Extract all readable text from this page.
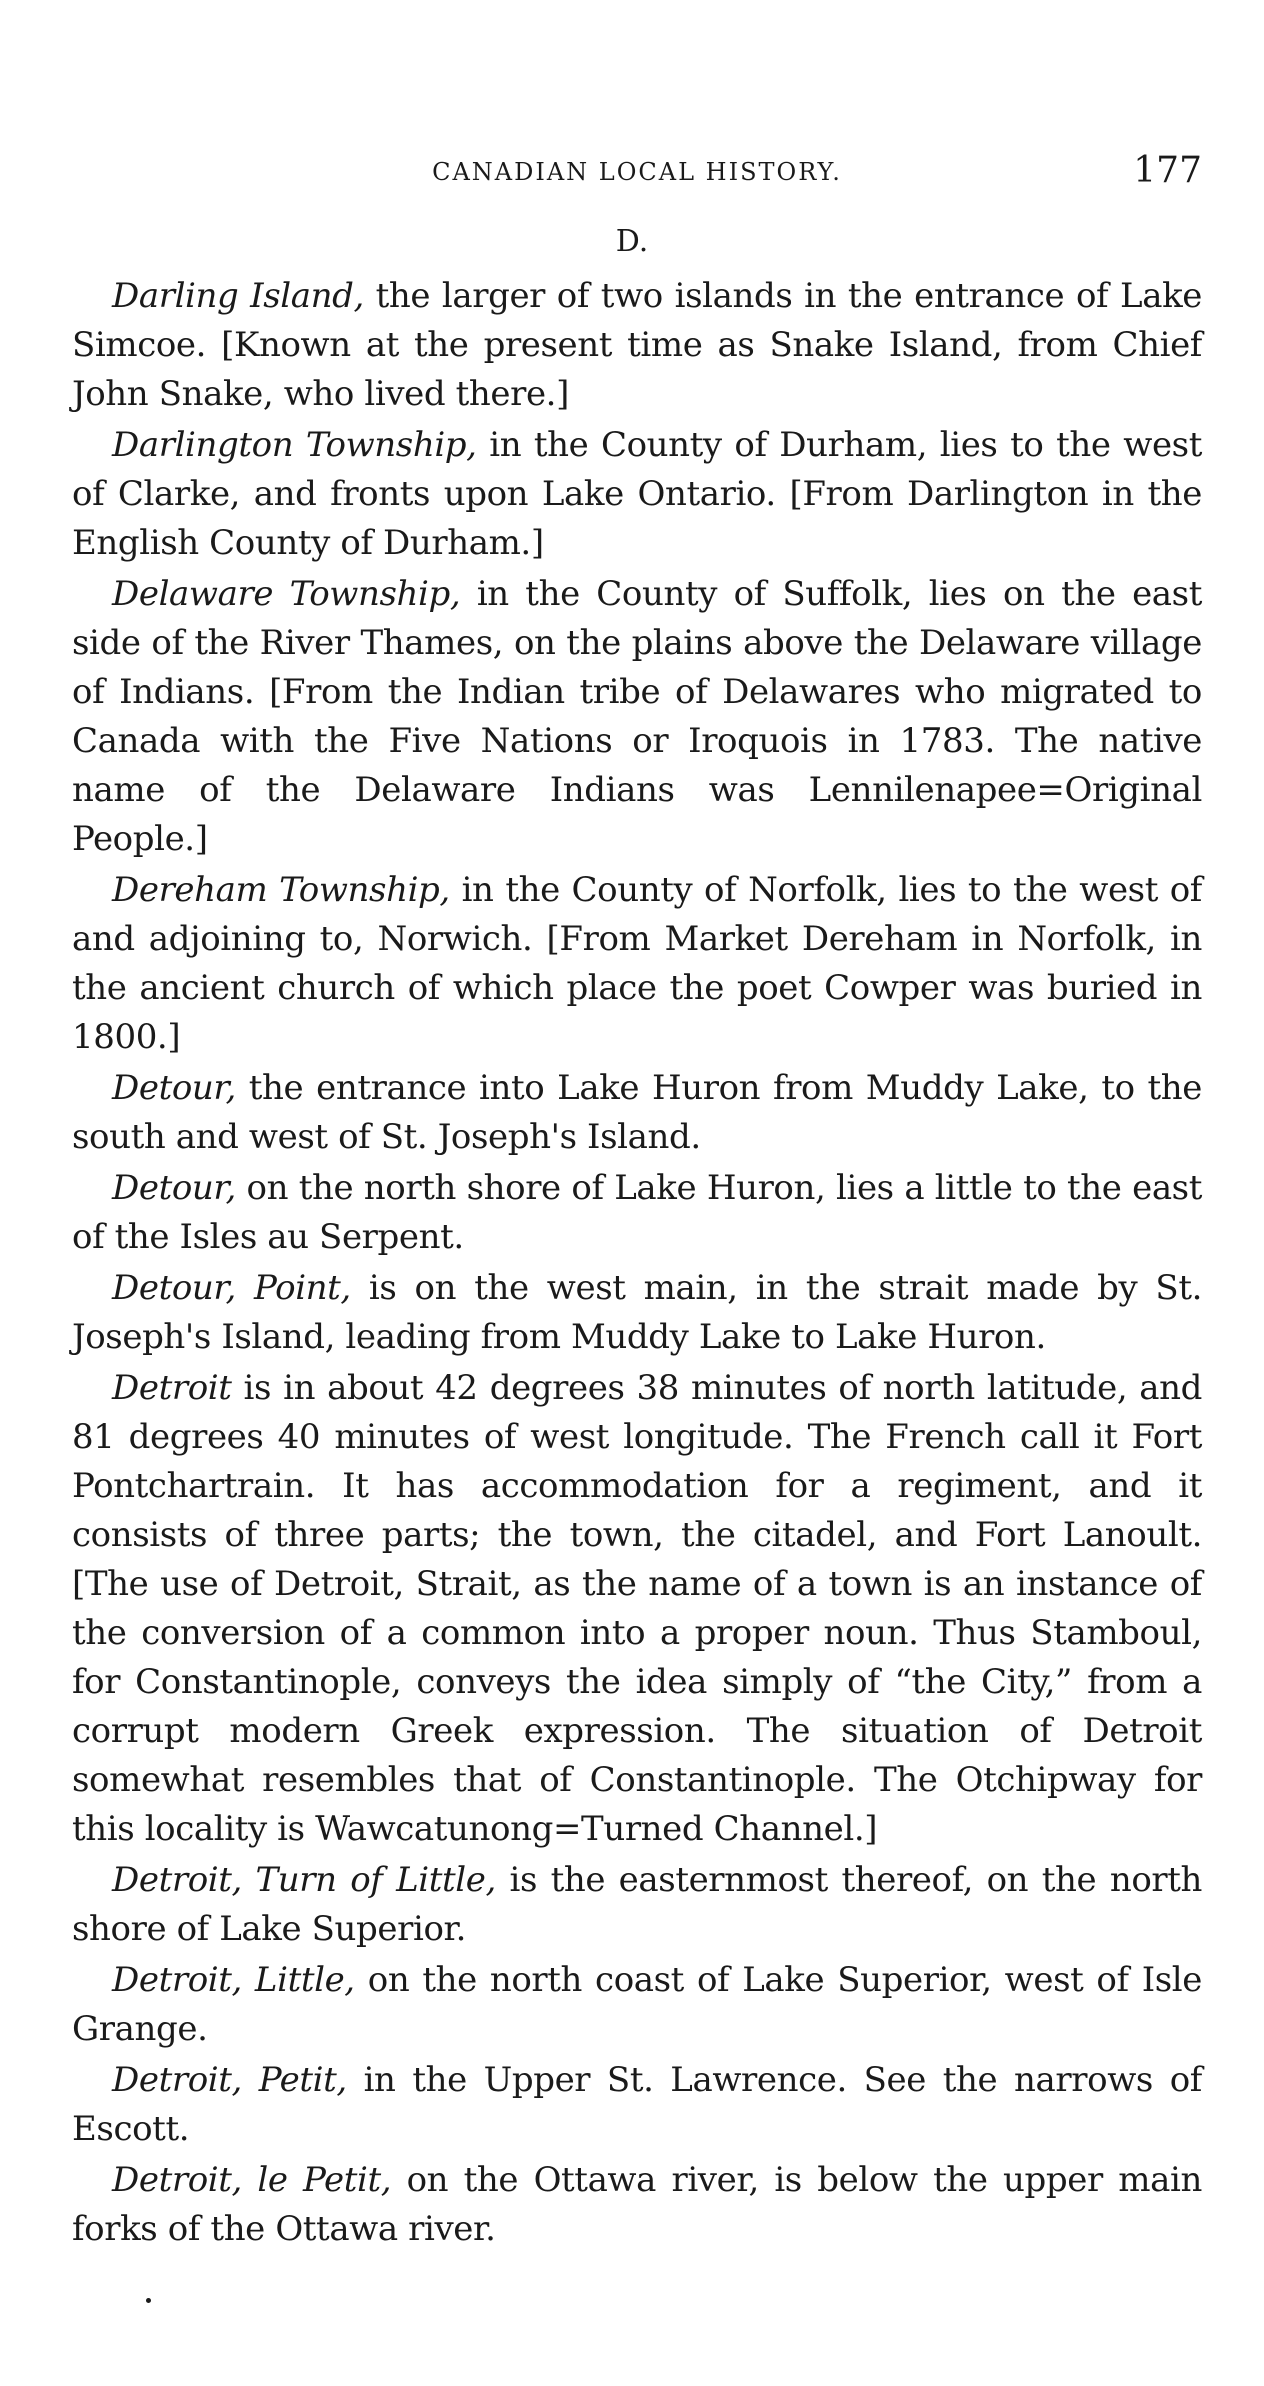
CANADIAN LOCAL HISTORY.	177
D.

Darling Island, the larger of two islands in the entrance of Lake Simcoe. [Known at the present time as Snake Island, from Chief John Snake, who lived there.]

Darlington Township, in the County of Durham, lies to the west of Clarke, and fronts upon Lake Ontario. [From Darlington in the English County of Durham.]

Delaware Township, in the County of Suffolk, lies on the east side of the River Thames, on the plains above the Delaware village of Indians. [From the Indian tribe of Delawares who migrated to Canada with the Five Nations or Iroquois in 1783. The native name of the Delaware Indians was Lennilenapee=Original People.]

Dereham Township, in the County of Norfolk, lies to the west of and adjoining to, Norwich. [From Market Dereham in Norfolk, in the ancient church of which place the poet Cowper was buried in 1800.]

Detour, the entrance into Lake Huron from Muddy Lake, to the south and west of St. Joseph's Island.

Detour, on the north shore of Lake Huron, lies a little to the east of the Isles au Serpent.

Detour, Point, is on the west main, in the strait made by St. Joseph's Island, leading from Muddy Lake to Lake Huron.

Detroit is in about 42 degrees 38 minutes of north latitude, and 81 degrees 40 minutes of west longitude. The French call it Fort Pontchartrain. It has accommodation for a regiment, and it consists of three parts; the town, the citadel, and Fort Lanoult. [The use of Detroit, Strait, as the name of a town is an instance of the conversion of a common into a proper noun. Thus Stamboul, for Constantinople, conveys the idea simply of “the City,” from a corrupt modern Greek expression. The situation of Detroit somewhat resembles that of Constantinople. The Otchipway for this locality is Wawcatunong=Turned Channel.]

Detroit, Turn of Little, is the easternmost thereof, on the north shore of Lake Superior.

Detroit, Little, on the north coast of Lake Superior, west of Isle Grange.

Detroit, Petit, in the Upper St. Lawrence. See the narrows of Escott.

Detroit, le Petit, on the Ottawa river, is below the upper main forks of the Ottawa river.
